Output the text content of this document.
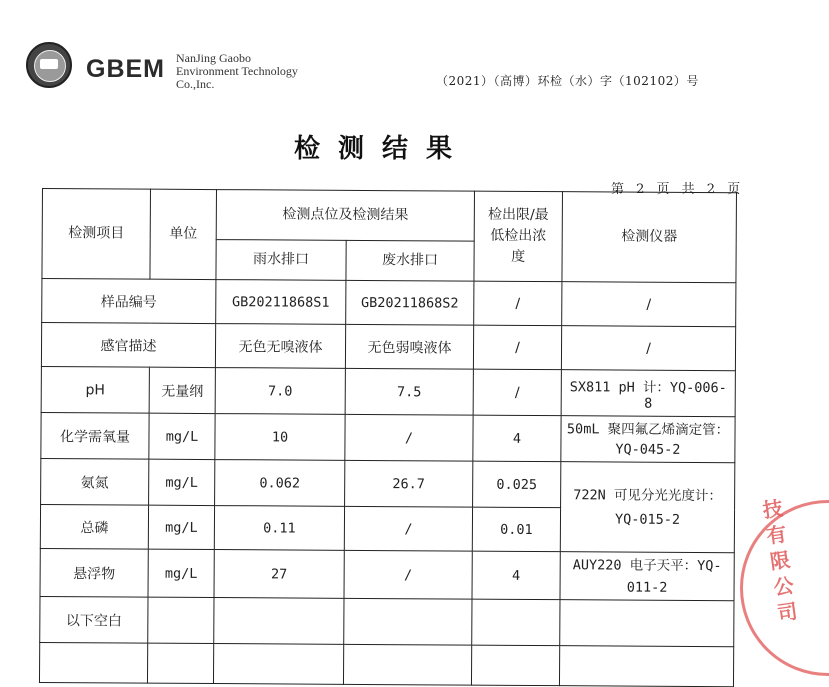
GBEM NanJing Gaobo
Environment Technology
Co.,Inc.	（2021）（高博）环检（水）字（102102）号
检测结果
第 2 页 共 2 页
检测项目	单位	检测点位及检测结果		检出限/最低检出浓度	检测仪器
		雨水排口	废水排口		
样品编号		GB20211868S1	GB20211868S2	/	/
感官描述		无色无嗅液体	无色弱嗅液体	/	/
pH	无量纲	7.0	7.5	/	SX811 pH 计：YQ-006-8
化学需氧量	mg/L	10	/	4	50mL 聚四氟乙烯滴定管：YQ-045-2
氨氮	mg/L	0.062	26.7	0.025	722N 可见分光光度计：YQ-015-2
总磷	mg/L	0.11	/	0.01	
悬浮物	mg/L	27	/	4	AUY220 电子天平：YQ-011-2
以下空白					

技有限公司
